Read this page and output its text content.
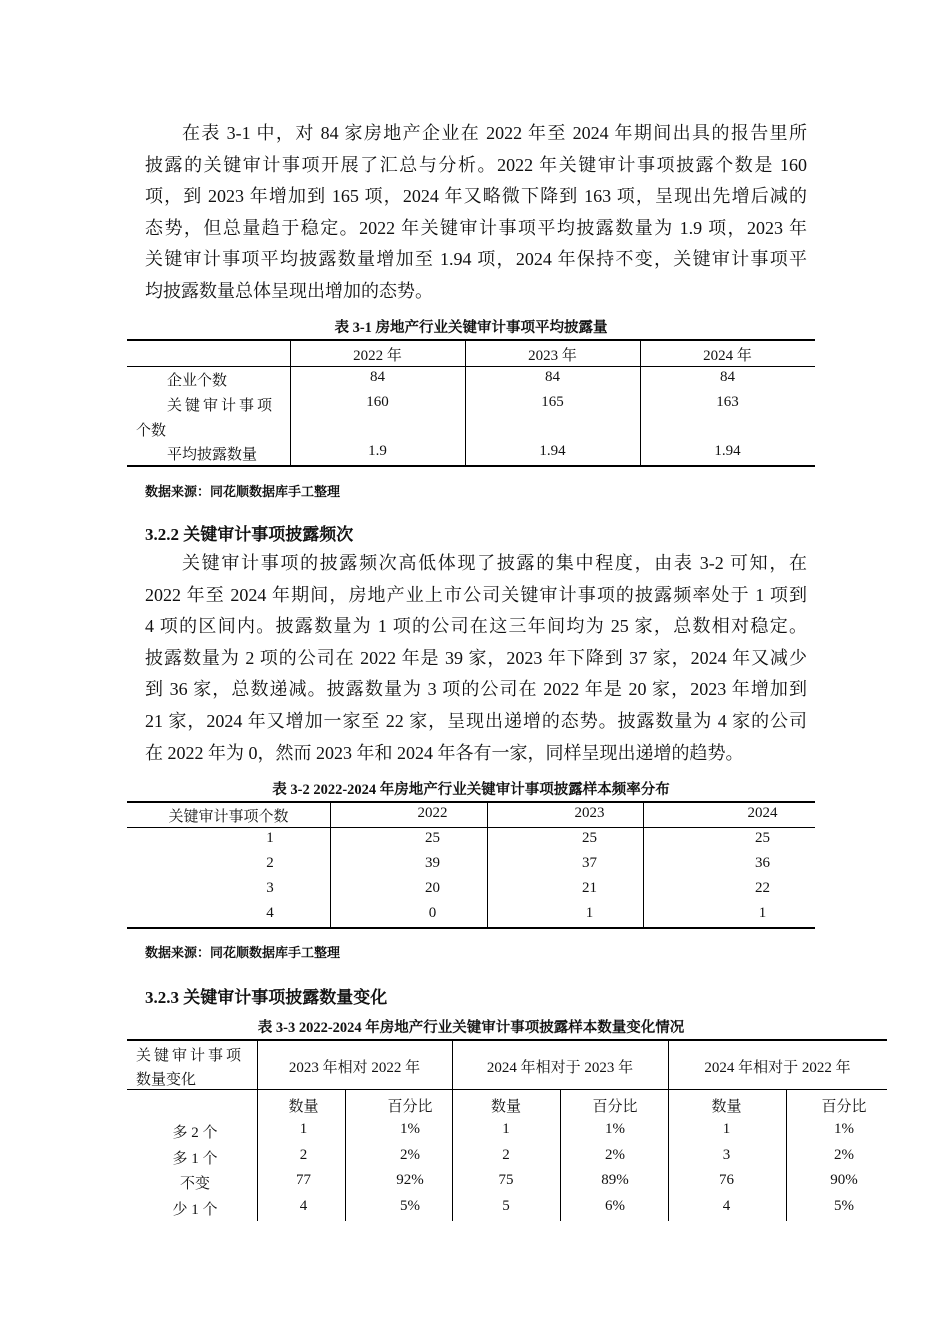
表 3-1 房地产行业关键审计事项平均披露量
数据来源：同花顺数据库手工整理
3.2.2 关键审计事项披露频次
表 3-2 2022-2024 年房地产行业关键审计事项披露样本频率分布
数据来源：同花顺数据库手工整理
3.2.3 关键审计事项披露数量变化
表 3-3 2022-2024 年房地产行业关键审计事项披露样本数量变化情况
在表 3-1 中，对 84 家房地产企业在 2022 年至 2024 年期间出具的报告里所
披露的关键审计事项开展了汇总与分析。2022 年关键审计事项披露个数是 160
项，到 2023 年增加到 165 项，2024 年又略微下降到 163 项，呈现出先增后减的
态势，但总量趋于稳定。2022 年关键审计事项平均披露数量为 1.9 项，2023 年
关键审计事项平均披露数量增加至 1.94 项，2024 年保持不变，关键审计事项平
均披露数量总体呈现出增加的态势。
关键审计事项的披露频次高低体现了披露的集中程度，由表 3-2 可知，在
2022 年至 2024 年期间，房地产业上市公司关键审计事项的披露频率处于 1 项到
4 项的区间内。披露数量为 1 项的公司在这三年间均为 25 家，总数相对稳定。
披露数量为 2 项的公司在 2022 年是 39 家，2023 年下降到 37 家，2024 年又减少
到 36 家，总数递减。披露数量为 3 项的公司在 2022 年是 20 家，2023 年增加到
21 家，2024 年又增加一家至 22 家，呈现出递增的态势。披露数量为 4 家的公司
在 2022 年为 0，然而 2023 年和 2024 年各有一家，同样呈现出递增的趋势。
2022 年	2023 年	2024 年
企业个数	84	84	84
关键审计事项
个数
160	165	163
平均披露数量	1.9	1.94	1.94
关键审计事项个数	2022	2023	2024
1	25	25	25
2	39	37	36
3	20	21	22
4	0	1	1
关键审计事项
数量变化
2023 年相对 2022 年	2024 年相对于 2023 年	2024 年相对于 2022 年
数量	百分比	数量	百分比	数量	百分比
多 2 个	1	1%	1	1%	1	1%
多 1 个	2	2%	2	2%	3	2%
不变	77	92%	75	89%	76	90%
少 1 个	4	5%	5	6%	4	5%
